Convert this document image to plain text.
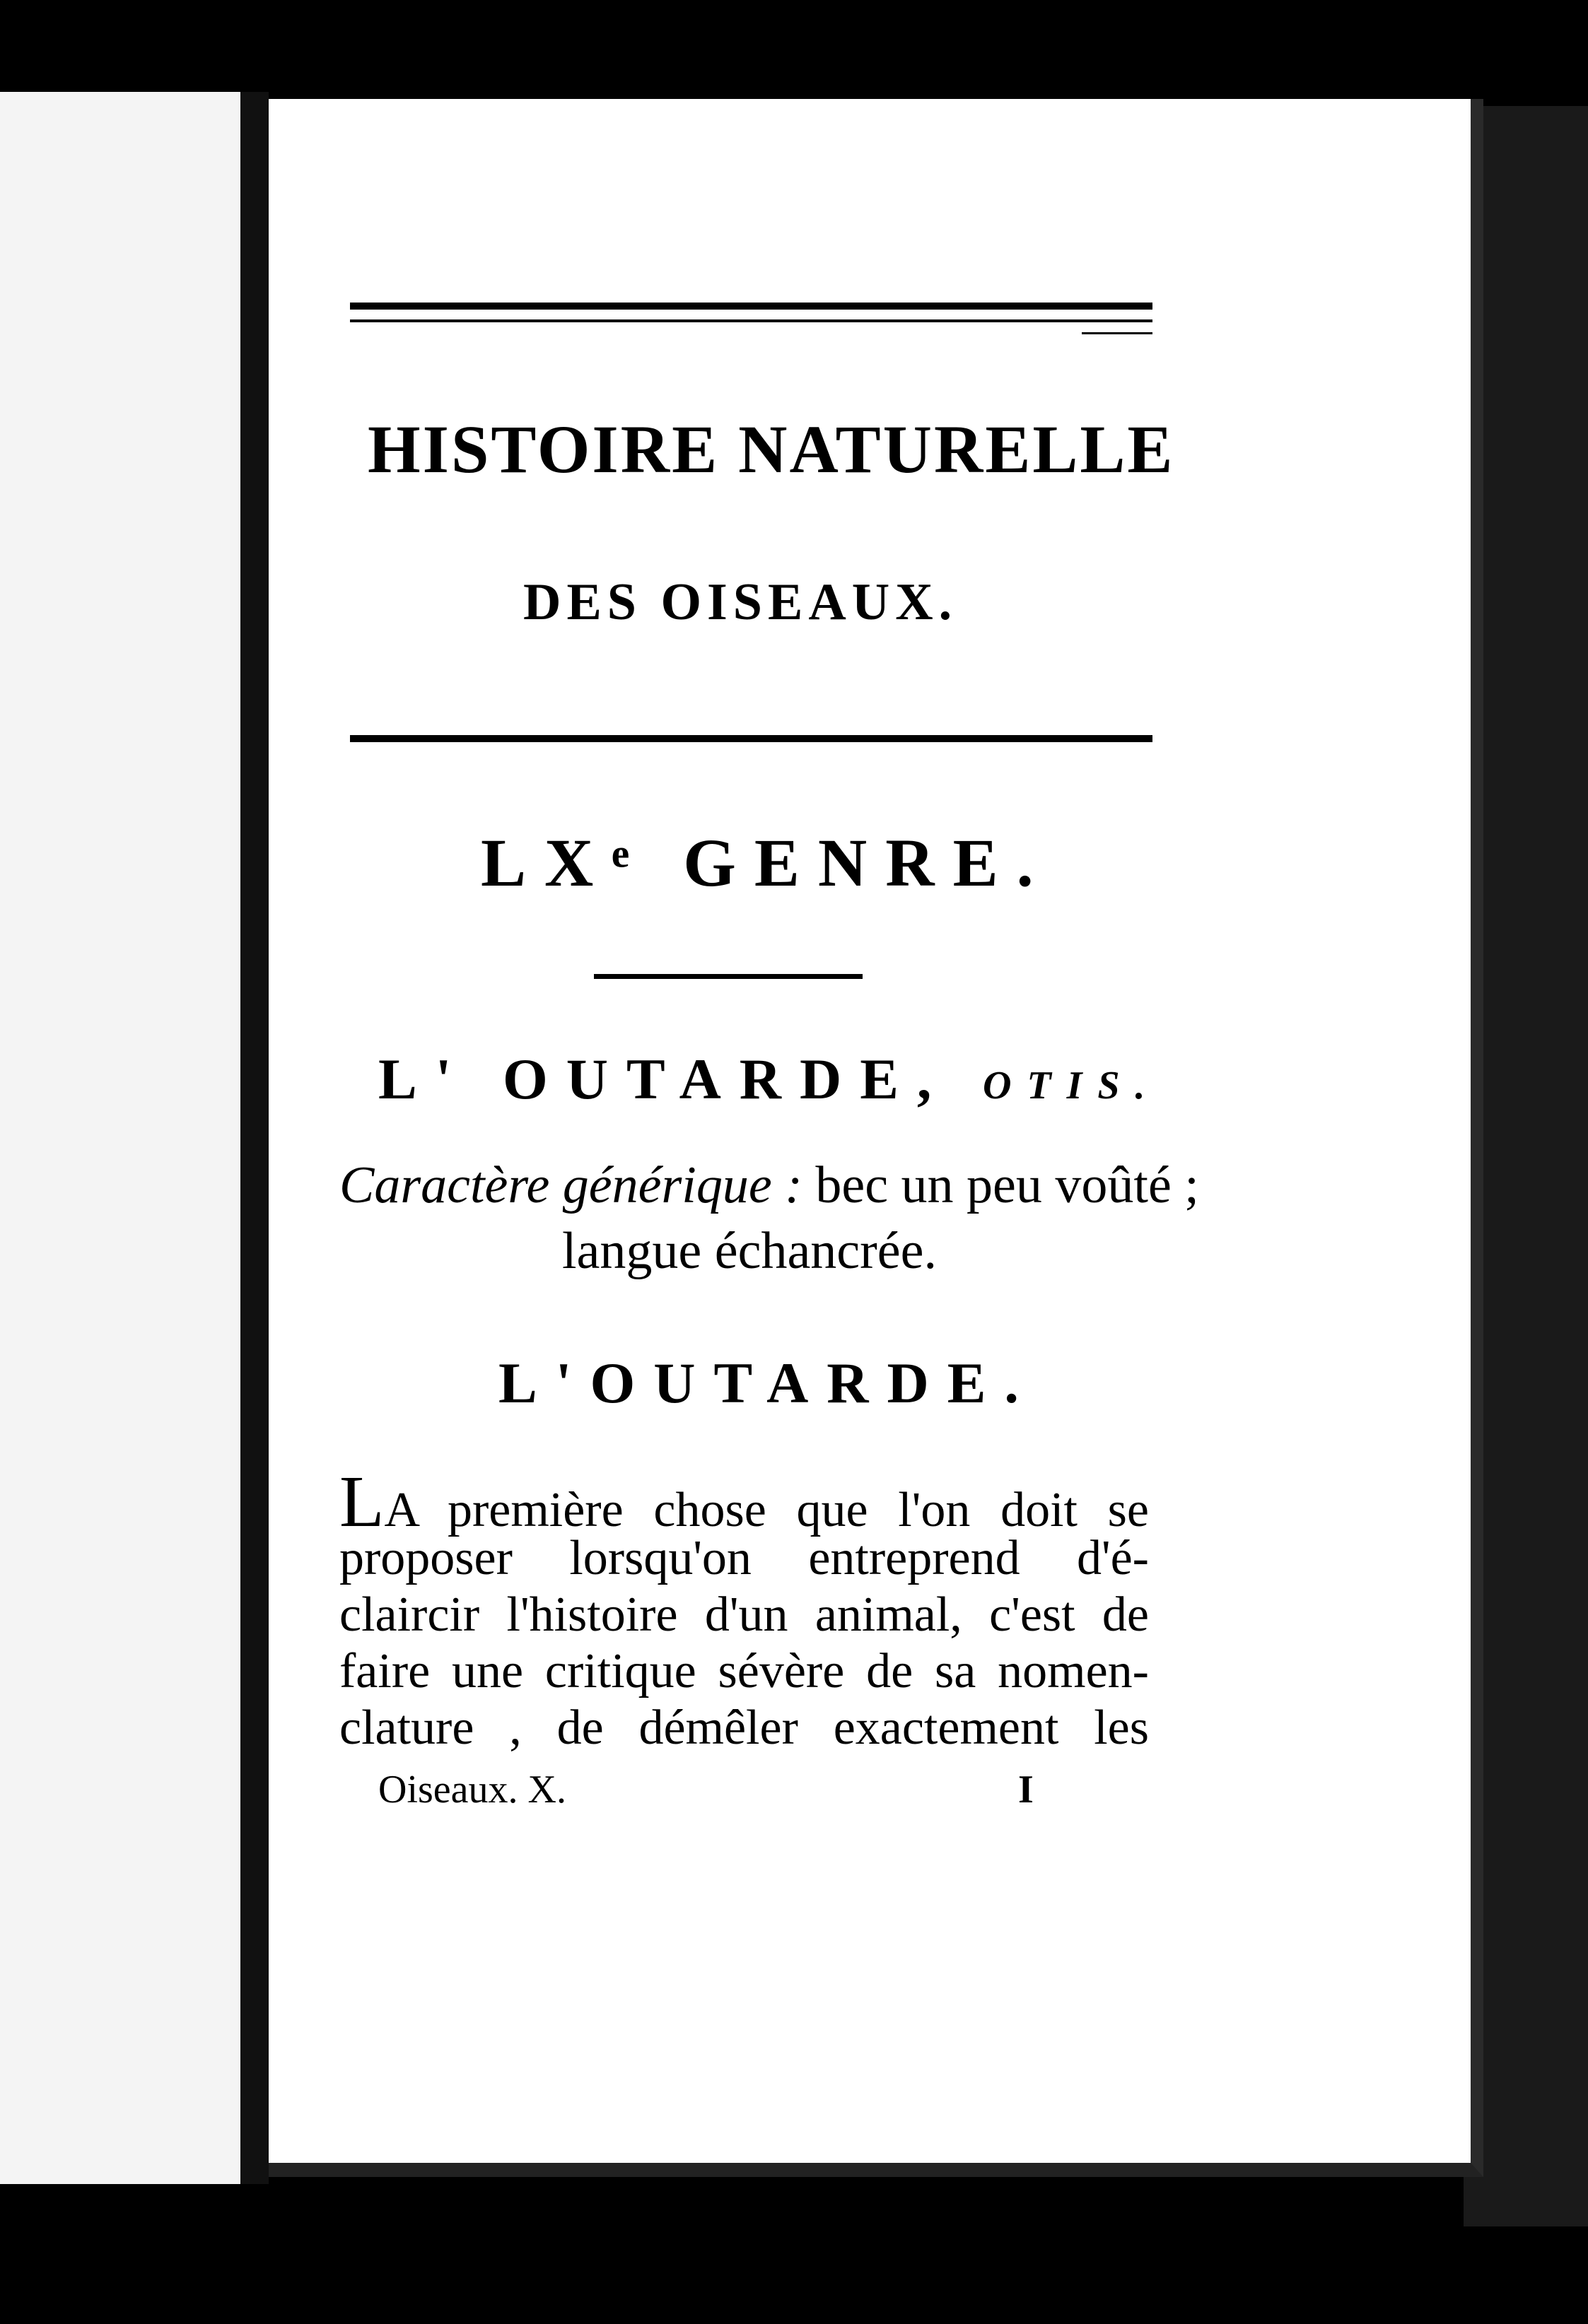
HISTOIRE NATURELLE
DES OISEAUX.
LXᵉ GENRE.
L' OUTARDE, OTIS.
Caractère générique : bec un peu voûté ;
langue échancrée.
L'OUTARDE.
LA première chose que l'on doit se
proposer lorsqu'on entreprend d'é-
claircir l'histoire d'un animal, c'est de
faire une critique sévère de sa nomen-
clature , de démêler exactement les
Oiseaux. X.	I
